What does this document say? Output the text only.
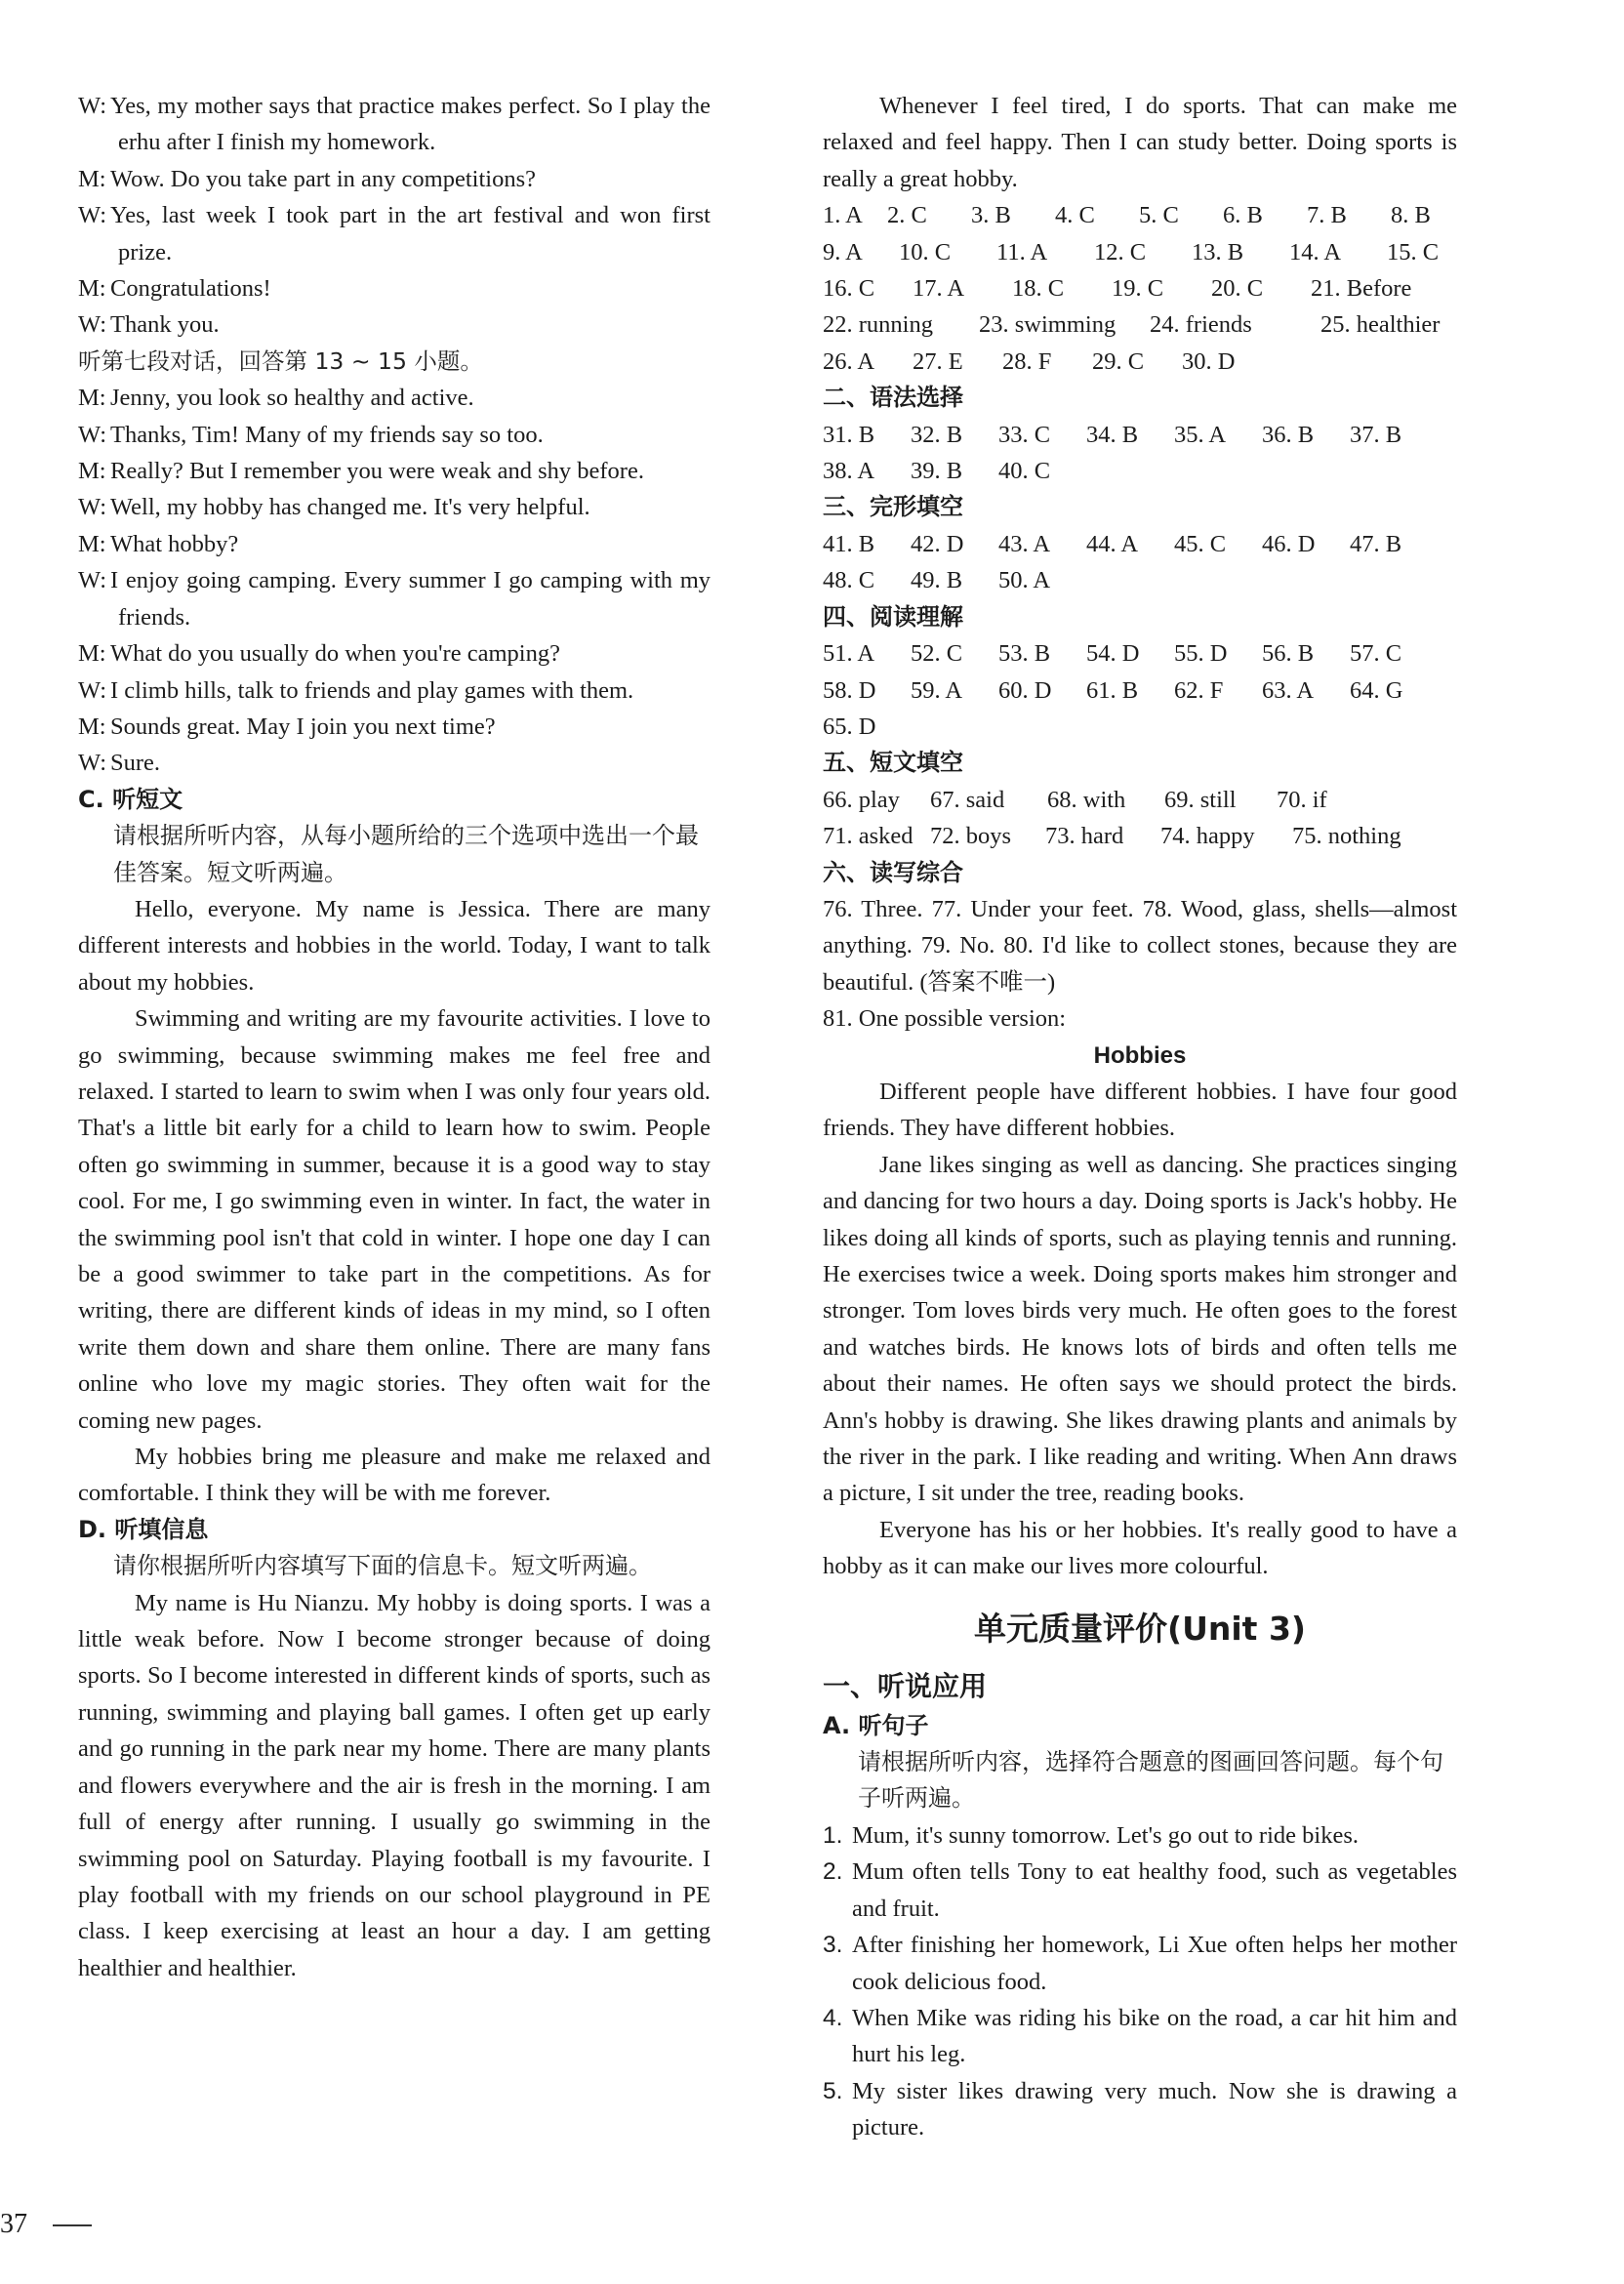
W: Yes, my mother says that practice makes perfect. So I play the erhu after I finish my homework.
M: Wow. Do you take part in any competitions?
W: Yes, last week I took part in the art festival and won first prize.
M: Congratulations!
W: Thank you.
听第七段对话，回答第 13 ~ 15 小题。
M: Jenny, you look so healthy and active.
W: Thanks, Tim! Many of my friends say so too.
M: Really? But I remember you were weak and shy before.
W: Well, my hobby has changed me. It's very helpful.
M: What hobby?
W: I enjoy going camping. Every summer I go camping with my friends.
M: What do you usually do when you're camping?
W: I climb hills, talk to friends and play games with them.
M: Sounds great. May I join you next time?
W: Sure.
C. 听短文
请根据所听内容，从每小题所给的三个选项中选出一个最佳答案。短文听两遍。
Hello, everyone. My name is Jessica. There are many different interests and hobbies in the world. Today, I want to talk about my hobbies.
Swimming and writing are my favourite activities. I love to go swimming, because swimming makes me feel free and relaxed. I started to learn to swim when I was only four years old. That's a little bit early for a child to learn how to swim. People often go swimming in summer, because it is a good way to stay cool. For me, I go swimming even in winter. In fact, the water in the swimming pool isn't that cold in winter. I hope one day I can be a good swimmer to take part in the competitions. As for writing, there are different kinds of ideas in my mind, so I often write them down and share them online. There are many fans online who love my magic stories. They often wait for the coming new pages.
My hobbies bring me pleasure and make me relaxed and comfortable. I think they will be with me forever.
D. 听填信息
请你根据所听内容填写下面的信息卡。短文听两遍。
My name is Hu Nianzu. My hobby is doing sports. I was a little weak before. Now I become stronger because of doing sports. So I become interested in different kinds of sports, such as running, swimming and playing ball games. I often get up early and go running in the park near my home. There are many plants and flowers everywhere and the air is fresh in the morning. I am full of energy after running. I usually go swimming in the swimming pool on Saturday. Playing football is my favourite. I play football with my friends on our school playground in PE class. I keep exercising at least an hour a day. I am getting healthier and healthier.
Whenever I feel tired, I do sports. That can make me relaxed and feel happy. Then I can study better. Doing sports is really a great hobby.
1. A	2. C	3. B	4. C	5. C	6. B	7. B	8. B
9. A	10. C	11. A	12. C	13. B	14. A	15. C
16. C	17. A	18. C	19. C	20. C	21. Before
22. running	23. swimming	24. friends	25. healthier
26. A	27. E	28. F	29. C	30. D
二、语法选择
31. B	32. B	33. C	34. B	35. A	36. B	37. B
38. A	39. B	40. C
三、完形填空
41. B	42. D	43. A	44. A	45. C	46. D	47. B
48. C	49. B	50. A
四、阅读理解
51. A	52. C	53. B	54. D	55. D	56. B	57. C
58. D	59. A	60. D	61. B	62. F	63. A	64. G
65. D
五、短文填空
66. play	67. said	68. with	69. still	70. if
71. asked 72. boys	73. hard	74. happy	75. nothing
六、读写综合
76. Three. 77. Under your feet. 78. Wood, glass, shells—almost anything. 79. No. 80. I'd like to collect stones, because they are beautiful. (答案不唯一)
81. One possible version:
Hobbies
Different people have different hobbies. I have four good friends. They have different hobbies.
Jane likes singing as well as dancing. She practices singing and dancing for two hours a day. Doing sports is Jack's hobby. He likes doing all kinds of sports, such as playing tennis and running. He exercises twice a week. Doing sports makes him stronger and stronger. Tom loves birds very much. He often goes to the forest and watches birds. He knows lots of birds and often tells me about their names. He often says we should protect the birds. Ann's hobby is drawing. She likes drawing plants and animals by the river in the park. I like reading and writing. When Ann draws a picture, I sit under the tree, reading books.
Everyone has his or her hobbies. It's really good to have a hobby as it can make our lives more colourful.
单元质量评价(Unit 3)
一、听说应用
A. 听句子
请根据所听内容，选择符合题意的图画回答问题。每个句子听两遍。
1. Mum, it's sunny tomorrow. Let's go out to ride bikes.
2. Mum often tells Tony to eat healthy food, such as vegetables and fruit.
3. After finishing her homework, Li Xue often helps her mother cook delicious food.
4. When Mike was riding his bike on the road, a car hit him and hurt his leg.
5. My sister likes drawing very much. Now she is drawing a picture.
37
